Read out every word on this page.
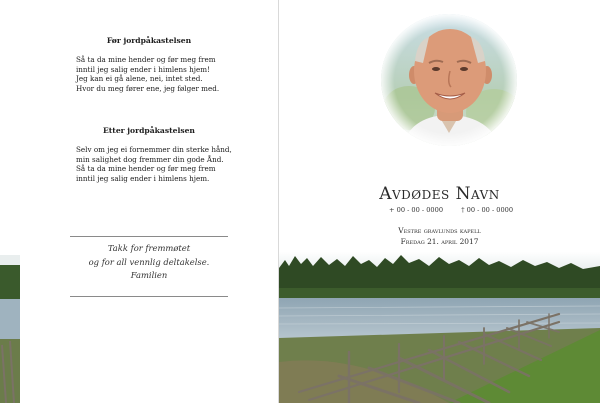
Før jordpåkastelsen
Så ta da mine hender og før meg frem
inntil jeg salig ender i himlens hjem!
Jeg kan ei gå alene, nei, intet sted.
Hvor du meg fører ene, jeg følger med.
Etter jordpåkastelsen
Selv om jeg ei fornemmer din sterke hånd,
min salighet dog fremmer din gode Ånd.
Så ta da mine hender og før meg frem
inntil jeg salig ender i himlens hjem.
Takk for fremmøtet
og for all vennlig deltakelse.
Familien
Avdødes Navn
+ 00 - 00 - 0000	† 00 - 00 - 0000
Vestre gravlunds kapell
Fredag 21. april 2017
